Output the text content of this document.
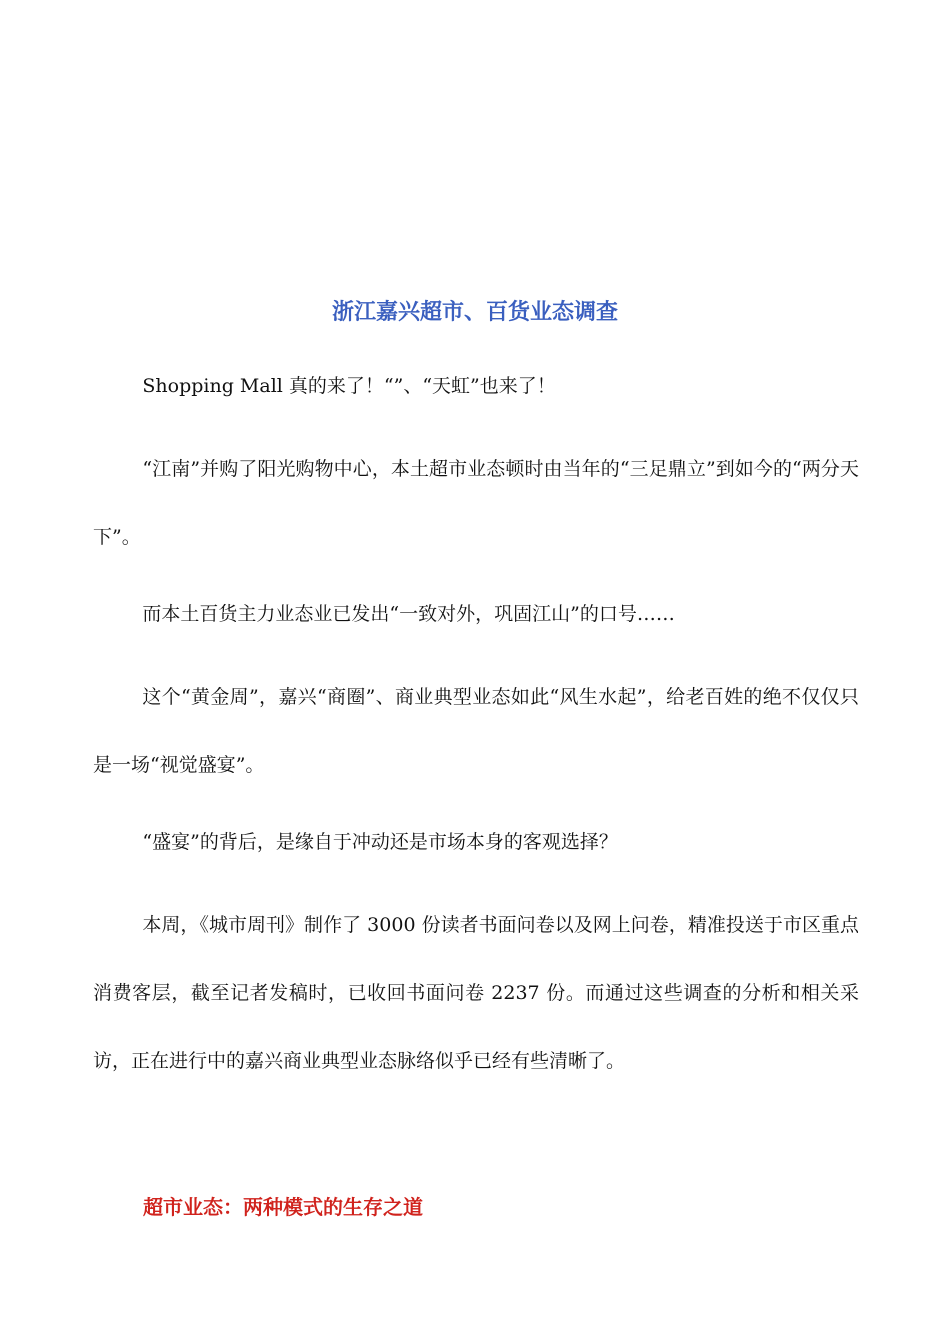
浙江嘉兴超市、百货业态调查

Shopping Mall 真的来了！“”、“天虹”也来了！

“江南”并购了阳光购物中心，本土超市业态顿时由当年的“三足鼎立”到如今的“两分天下”。

而本土百货主力业态业已发出“一致对外，巩固江山”的口号……

这个“黄金周”，嘉兴“商圈”、商业典型业态如此“风生水起”，给老百姓的绝不仅仅只是一场“视觉盛宴”。

“盛宴”的背后，是缘自于冲动还是市场本身的客观选择？

本周，《城市周刊》制作了 3000 份读者书面问卷以及网上问卷，精准投送于市区重点消费客层，截至记者发稿时，已收回书面问卷 2237 份。而通过这些调查的分析和相关采访，正在进行中的嘉兴商业典型业态脉络似乎已经有些清晰了。

超市业态：两种模式的生存之道
